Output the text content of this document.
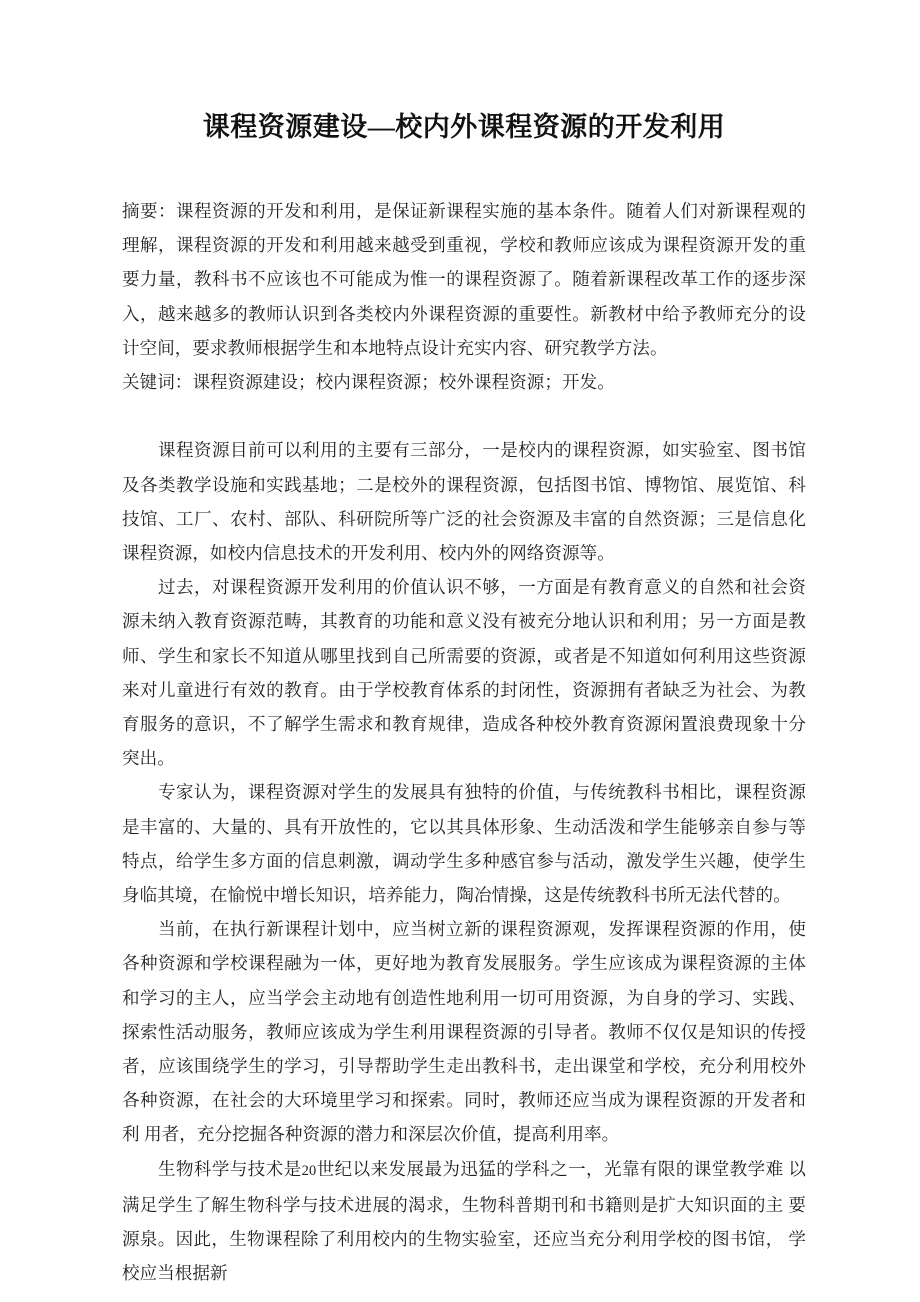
课程资源建设—校内外课程资源的开发利用

摘要：课程资源的开发和利用，是保证新课程实施的基本条件。随着人们对新课程观的 理解，课程资源的开发和利用越来越受到重视，学校和教师应该成为课程资源开发的重 要力量，教科书不应该也不可能成为惟一的课程资源了。随着新课程改革工作的逐步深 入，越来越多的教师认识到各类校内外课程资源的重要性。新教材中给予教师充分的设 计空间，要求教师根据学生和本地特点设计充实内容、研究教学方法。

关键词：课程资源建设；校内课程资源；校外课程资源；开发。

课程资源目前可以利用的主要有三部分，一是校内的课程资源，如实验室、图书馆 及各类教学设施和实践基地；二是校外的课程资源，包括图书馆、博物馆、展览馆、科 技馆、工厂、农村、部队、科研院所等广泛的社会资源及丰富的自然资源；三是信息化 课程资源，如校内信息技术的开发利用、校内外的网络资源等。

过去，对课程资源开发利用的价值认识不够，一方面是有教育意义的自然和社会资 源未纳入教育资源范畴，其教育的功能和意义没有被充分地认识和利用；另一方面是教 师、学生和家长不知道从哪里找到自己所需要的资源，或者是不知道如何利用这些资源 来对儿童进行有效的教育。由于学校教育体系的封闭性，资源拥有者缺乏为社会、为教 育服务的意识，不了解学生需求和教育规律，造成各种校外教育资源闲置浪费现象十分 突出。

专家认为，课程资源对学生的发展具有独特的价值，与传统教科书相比，课程资源 是丰富的、大量的、具有开放性的，它以其具体形象、生动活泼和学生能够亲自参与等 特点，给学生多方面的信息刺激，调动学生多种感官参与活动，激发学生兴趣，使学生 身临其境，在愉悦中增长知识，培养能力，陶冶情操，这是传统教科书所无法代替的。

当前，在执行新课程计划中，应当树立新的课程资源观，发挥课程资源的作用，使 各种资源和学校课程融为一体，更好地为教育发展服务。学生应该成为课程资源的主体 和学习的主人，应当学会主动地有创造性地利用一切可用资源，为自身的学习、实践、 探索性活动服务，教师应该成为学生利用课程资源的引导者。教师不仅仅是知识的传授 者，应该围绕学生的学习，引导帮助学生走出教科书，走出课堂和学校，充分利用校外 各种资源，在社会的大环境里学习和探索。同时，教师还应当成为课程资源的开发者和利 用者，充分挖掘各种资源的潜力和深层次价值，提高利用率。

生物科学与技术是20世纪以来发展最为迅猛的学科之一，光靠有限的课堂教学难 以满足学生了解生物科学与技术进展的渴求，生物科普期刊和书籍则是扩大知识面的主 要源泉。因此，生物课程除了利用校内的生物实验室，还应当充分利用学校的图书馆， 学校应当根据新
